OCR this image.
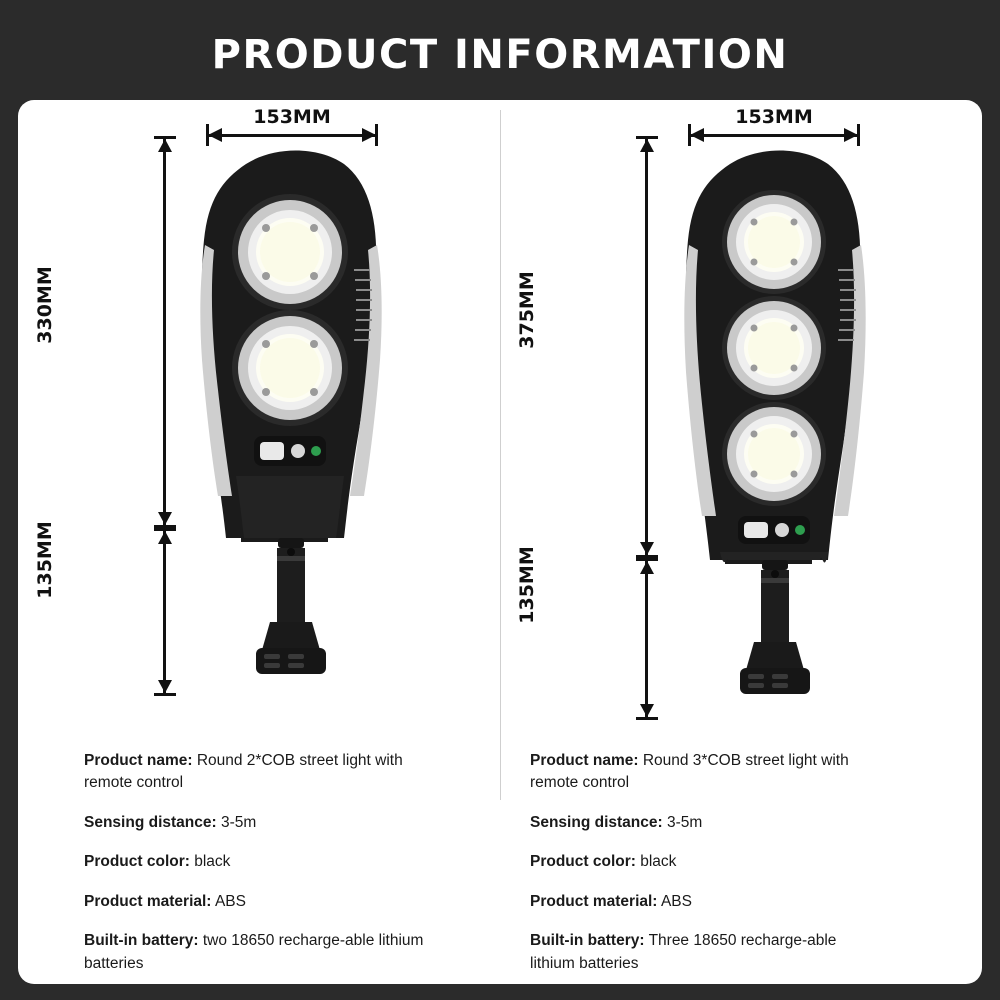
PRODUCT INFORMATION
153MM
330MM
135MM
Product name: Round 2*COB street light with remote control
Sensing distance: 3-5m
Product color: black
Product material: ABS
Built-in battery: two 18650 recharge-able lithium batteries
153MM
375MM
135MM
Product name: Round 3*COB street light with remote control
Sensing distance: 3-5m
Product color: black
Product material: ABS
Built-in battery: Three 18650 recharge-able lithium batteries
